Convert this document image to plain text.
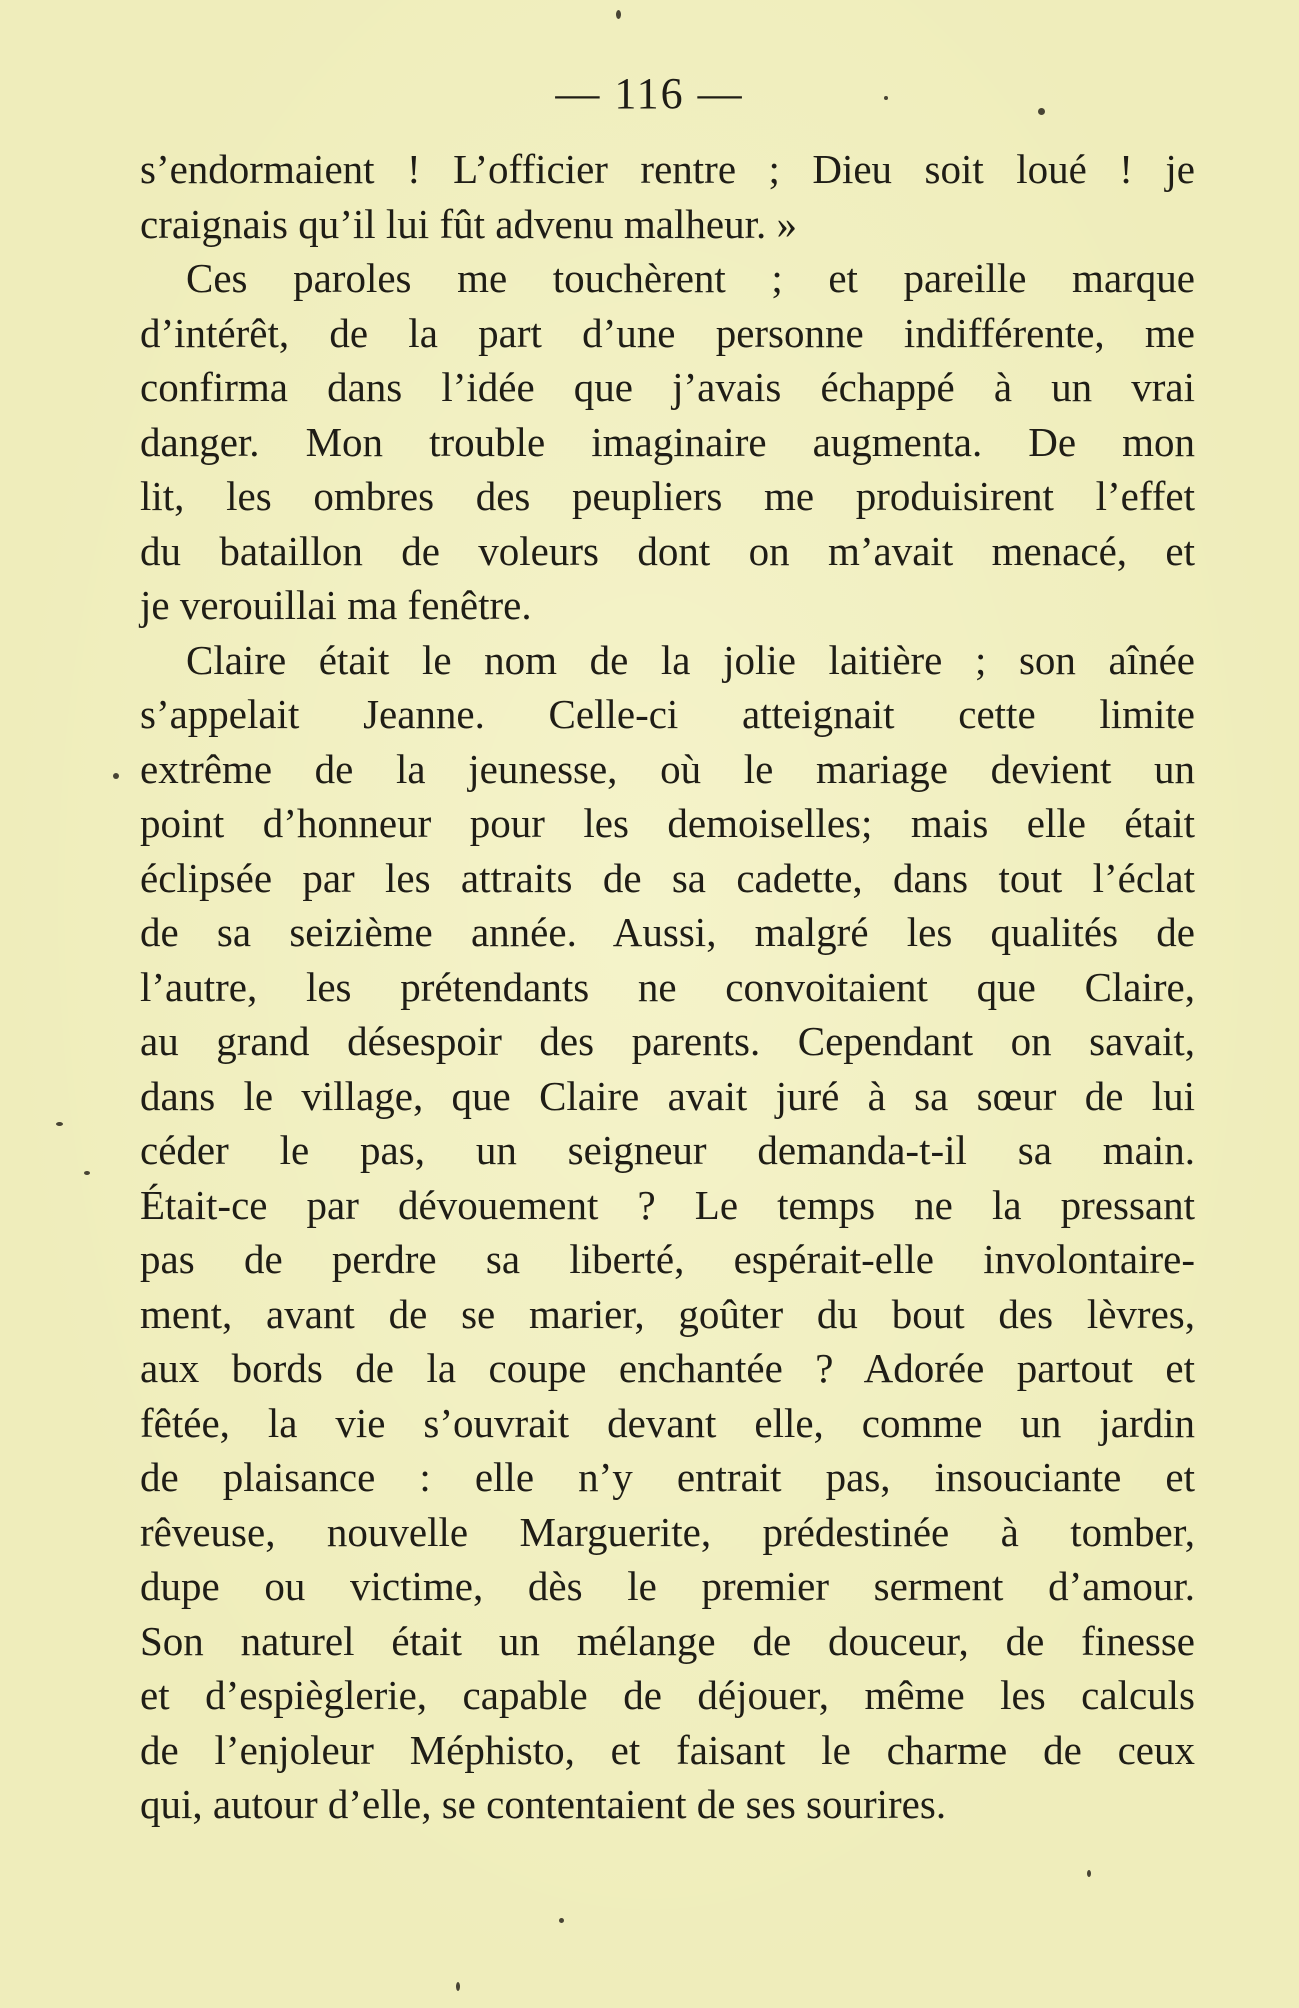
— 116 —
s’endormaient ! L’officier rentre ; Dieu soit loué ! je
craignais qu’il lui fût advenu malheur. »
Ces paroles me touchèrent ; et pareille marque
d’intérêt, de la part d’une personne indifférente, me
confirma dans l’idée que j’avais échappé à un vrai
danger. Mon trouble imaginaire augmenta. De mon
lit, les ombres des peupliers me produisirent l’effet
du bataillon de voleurs dont on m’avait menacé, et
je verouillai ma fenêtre.
Claire était le nom de la jolie laitière ; son aînée
s’appelait Jeanne. Celle-ci atteignait cette limite
extrême de la jeunesse, où le mariage devient un
point d’honneur pour les demoiselles; mais elle était
éclipsée par les attraits de sa cadette, dans tout l’éclat
de sa seizième année. Aussi, malgré les qualités de
l’autre, les prétendants ne convoitaient que Claire,
au grand désespoir des parents. Cependant on savait,
dans le village, que Claire avait juré à sa sœur de lui
céder le pas, un seigneur demanda-t-il sa main.
Était-ce par dévouement ? Le temps ne la pressant
pas de perdre sa liberté, espérait-elle involontaire-
ment, avant de se marier, goûter du bout des lèvres,
aux bords de la coupe enchantée ? Adorée partout et
fêtée, la vie s’ouvrait devant elle, comme un jardin
de plaisance : elle n’y entrait pas, insouciante et
rêveuse, nouvelle Marguerite, prédestinée à tomber,
dupe ou victime, dès le premier serment d’amour.
Son naturel était un mélange de douceur, de finesse
et d’espièglerie, capable de déjouer, même les calculs
de l’enjoleur Méphisto, et faisant le charme de ceux
qui, autour d’elle, se contentaient de ses sourires.
